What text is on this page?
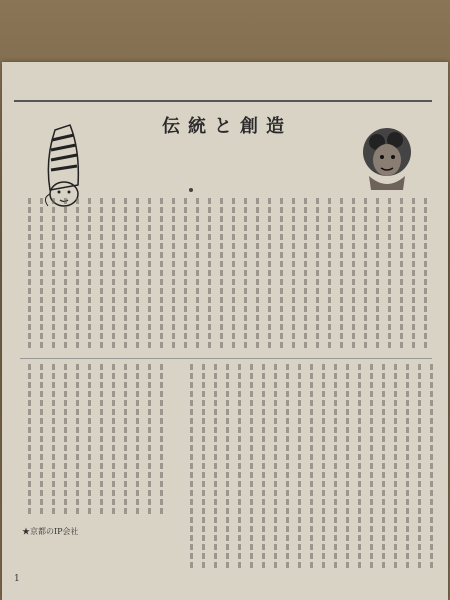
伝統と創造
★京都のIP会社
1
